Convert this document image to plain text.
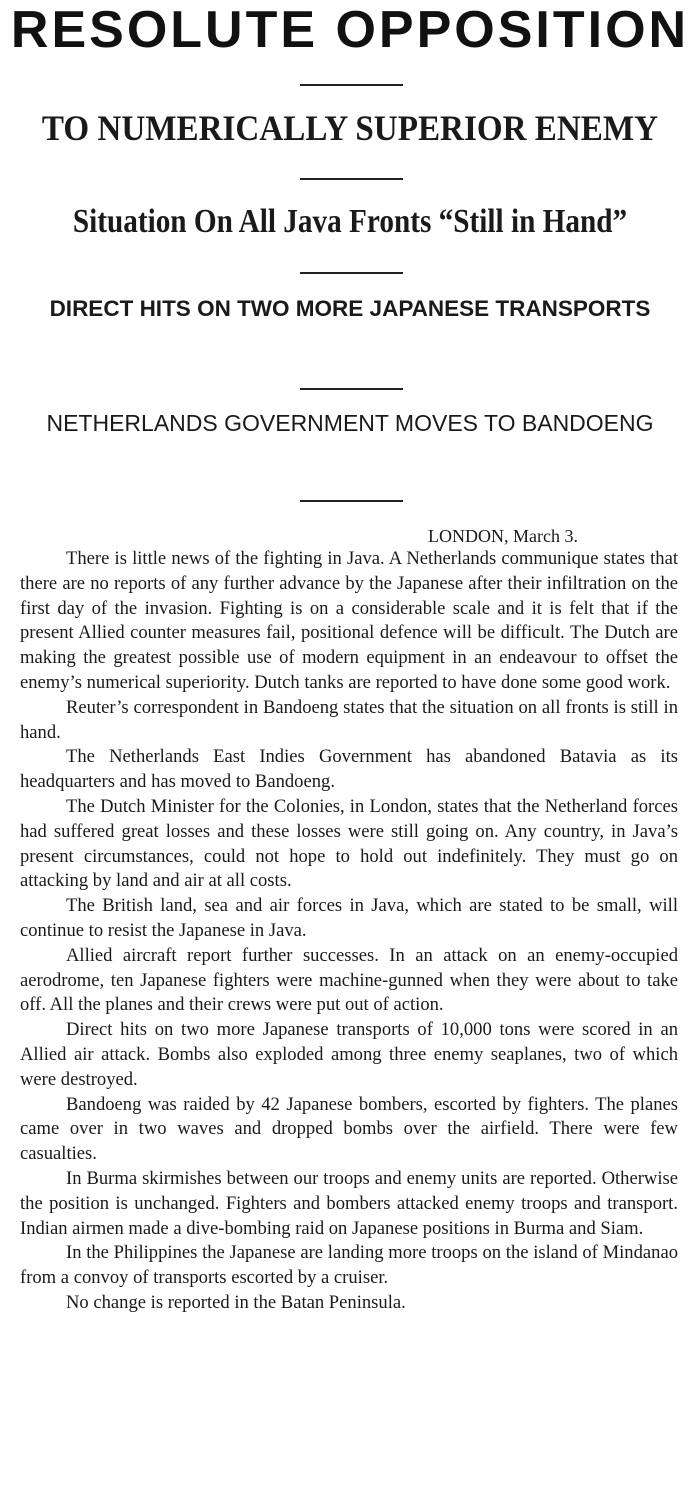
RESOLUTE OPPOSITION
TO NUMERICALLY SUPERIOR ENEMY
Situation On All Java Fronts “Still in Hand”
DIRECT HITS ON TWO MORE JAPANESE TRANSPORTS
NETHERLANDS GOVERNMENT MOVES TO BANDOENG
LONDON, March 3.

There is little news of the fighting in Java. A Netherlands communique states that there are no reports of any further advance by the Japanese after their infiltration on the first day of the invasion. Fighting is on a considerable scale and it is felt that if the present Allied counter measures fail, positional defence will be difficult. The Dutch are making the greatest possible use of modern equipment in an endeavour to offset the enemy’s numerical superiority. Dutch tanks are reported to have done some good work.

Reuter’s correspondent in Bandoeng states that the situation on all fronts is still in hand.

The Netherlands East Indies Government has abandoned Batavia as its headquarters and has moved to Bandoeng.

The Dutch Minister for the Colonies, in London, states that the Netherland forces had suffered great losses and these losses were still going on. Any country, in Java’s present circumstances, could not hope to hold out indefinitely. They must go on attacking by land and air at all costs.

The British land, sea and air forces in Java, which are stated to be small, will continue to resist the Japanese in Java.

Allied aircraft report further successes. In an attack on an enemy-occupied aerodrome, ten Japanese fighters were machine-gunned when they were about to take off. All the planes and their crews were put out of action.

Direct hits on two more Japanese transports of 10,000 tons were scored in an Allied air attack. Bombs also exploded among three enemy seaplanes, two of which were destroyed.

Bandoeng was raided by 42 Japanese bombers, escorted by fighters. The planes came over in two waves and dropped bombs over the airfield. There were few casualties.

In Burma skirmishes between our troops and enemy units are reported. Otherwise the position is unchanged. Fighters and bombers attacked enemy troops and transport. Indian airmen made a dive-bombing raid on Japanese positions in Burma and Siam.

In the Philippines the Japanese are landing more troops on the island of Mindanao from a convoy of transports escorted by a cruiser.

No change is reported in the Batan Peninsula.
